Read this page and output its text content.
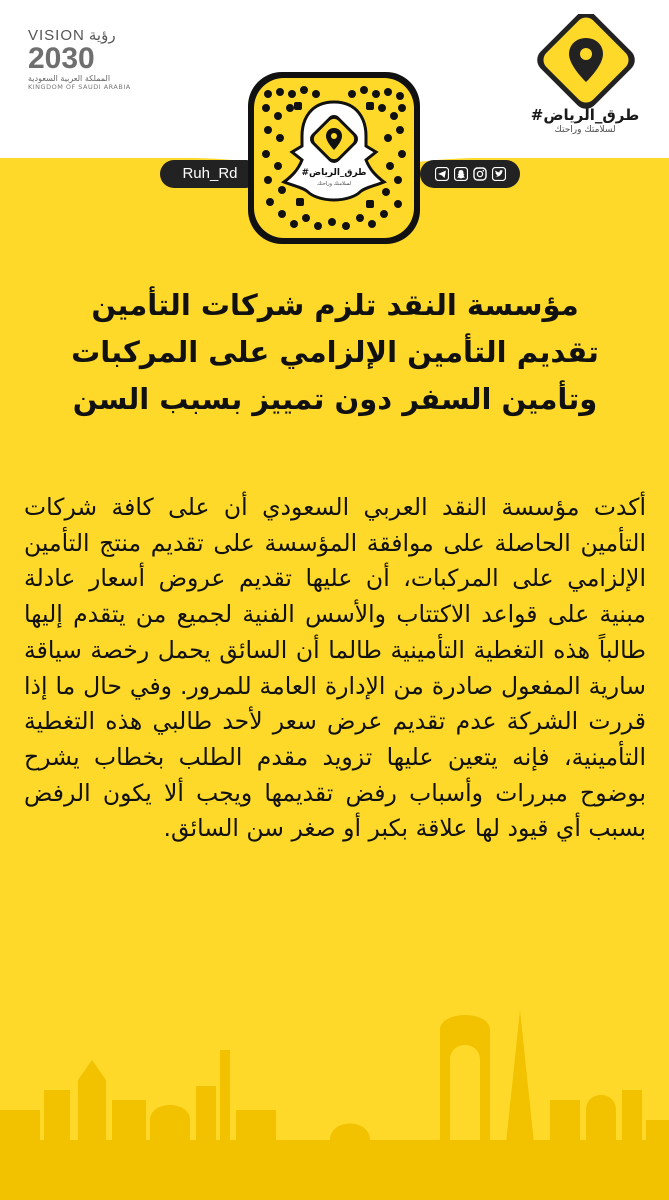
VISION رؤية
2030
المملكة العربية السعودية
KINGDOM OF SAUDI ARABIA
#طرق_الرياض
لسلامتك وراحتك
Ruh_Rd	#طرق_الرياض
لسلامتك وراحتك
مؤسسة النقد تلزم شركات التأمين
تقديم التأمين الإلزامي على المركبات
وتأمين السفر دون تمييز بسبب السن
أكدت مؤسسة النقد العربي السعودي أن على كافة شركات التأمين الحاصلة على موافقة المؤسسة على تقديم منتج التأمين الإلزامي على المركبات، أن عليها تقديم عروض أسعار عادلة مبنية على قواعد الاكتتاب والأسس الفنية لجميع من يتقدم إليها طالباً هذه التغطية التأمينية طالما أن السائق يحمل رخصة سياقة سارية المفعول صادرة من الإدارة العامة للمرور. وفي حال ما إذا قررت الشركة عدم تقديم عرض سعر لأحد طالبي هذه التغطية التأمينية، فإنه يتعين عليها تزويد مقدم الطلب بخطاب يشرح بوضوح مبررات وأسباب رفض تقديمها ويجب ألا يكون الرفض بسبب أي قيود لها علاقة بكبر أو صغر سن السائق.
